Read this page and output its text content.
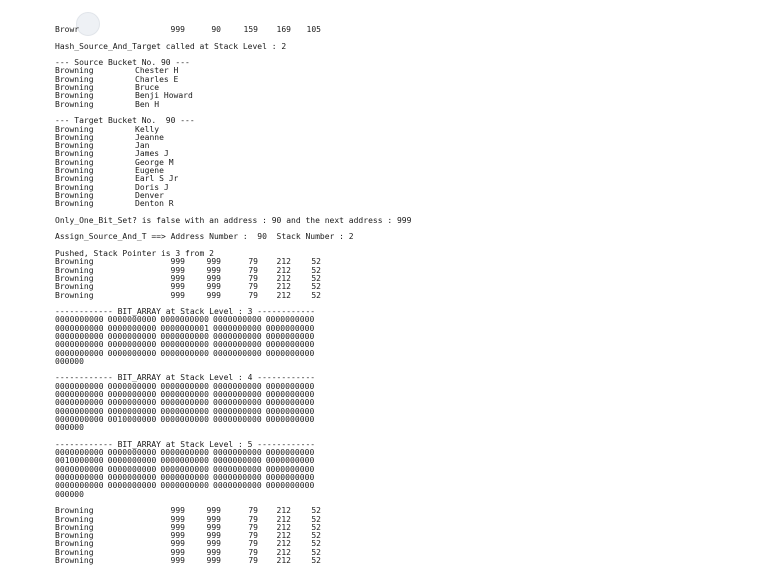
Browr	999	90	159	169	105
Hash_Source_And_Target called at Stack Level : 2
--- Source Bucket No. 90 ---
Browning	Chester H
Browning	Charles E
Browning	Bruce
Browning	Benji Howard
Browning	Ben H
--- Target Bucket No.  90 ---
Browning	Kelly
Browning	Jeanne
Browning	Jan
Browning	James J
Browning	George M
Browning	Eugene
Browning	Earl S Jr
Browning	Doris J
Browning	Denver
Browning	Denton R
Only_One_Bit_Set? is false with an address : 90 and the next address : 999
Assign_Source_And_T ==> Address Number :  90  Stack Number : 2
Pushed, Stack Pointer is 3 from 2
Browning	999	999	79	212	52
Browning	999	999	79	212	52
Browning	999	999	79	212	52
Browning	999	999	79	212	52
Browning	999	999	79	212	52
------------ BIT_ARRAY at Stack Level : 3 ------------
0000000000 0000000000 0000000000 0000000000 0000000000
0000000000 0000000000 0000000001 0000000000 0000000000
0000000000 0000000000 0000000000 0000000000 0000000000
0000000000 0000000000 0000000000 0000000000 0000000000
0000000000 0000000000 0000000000 0000000000 0000000000
000000
------------ BIT_ARRAY at Stack Level : 4 ------------
0000000000 0000000000 0000000000 0000000000 0000000000
0000000000 0000000000 0000000000 0000000000 0000000000
0000000000 0000000000 0000000000 0000000000 0000000000
0000000000 0000000000 0000000000 0000000000 0000000000
0000000000 0010000000 0000000000 0000000000 0000000000
000000
------------ BIT_ARRAY at Stack Level : 5 ------------
0000000000 0000000000 0000000000 0000000000 0000000000
0010000000 0000000000 0000000000 0000000000 0000000000
0000000000 0000000000 0000000000 0000000000 0000000000
0000000000 0000000000 0000000000 0000000000 0000000000
0000000000 0000000000 0000000000 0000000000 0000000000
000000
Browning	999	999	79	212	52
Browning	999	999	79	212	52
Browning	999	999	79	212	52
Browning	999	999	79	212	52
Browning	999	999	79	212	52
Browning	999	999	79	212	52
Browning	999	999	79	212	52
